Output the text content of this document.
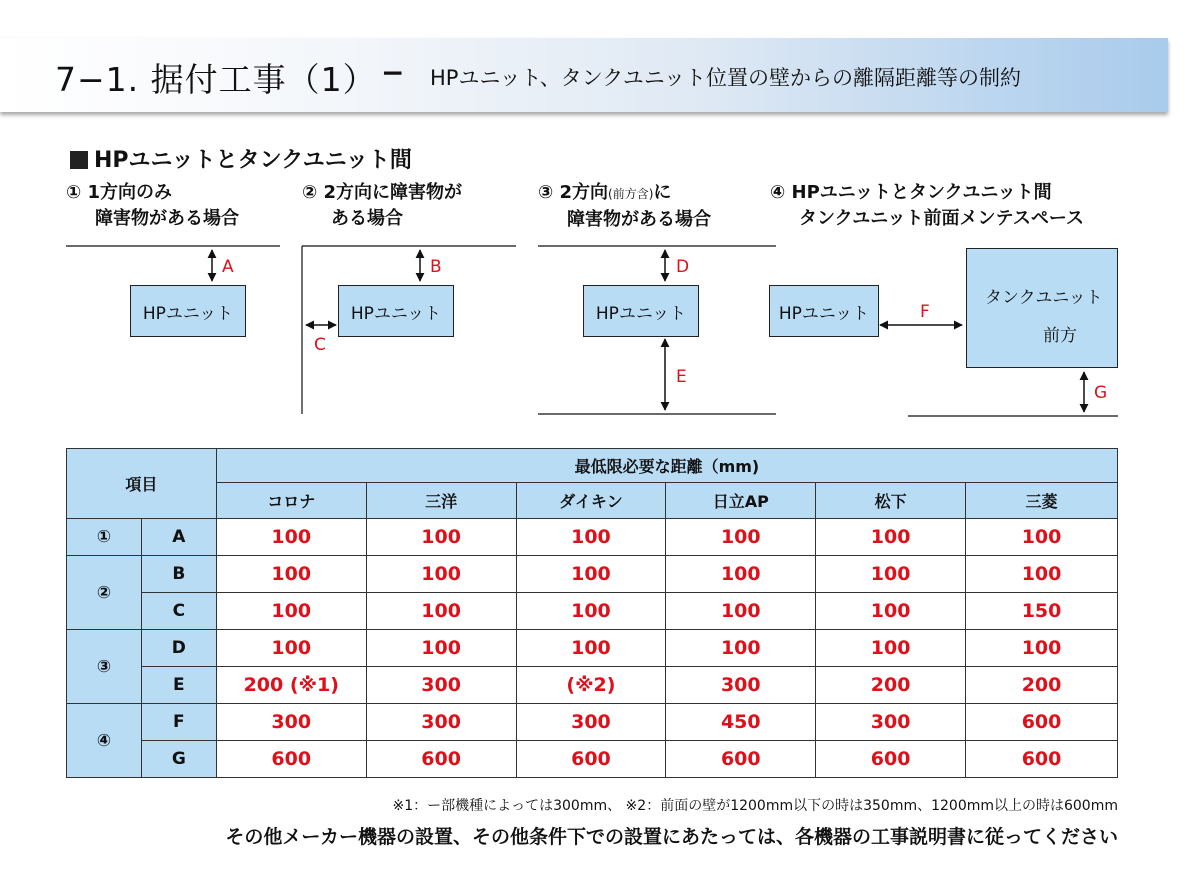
7−1. 据付工事（1） − HPユニット、タンクユニット位置の壁からの離隔距離等の制約
HPユニットとタンクユニット間
① 1方向のみ
障害物がある場合
② 2方向に障害物が
ある場合
③ 2方向(前方含)に
障害物がある場合
④ HPユニットとタンクユニット間
タンクユニット前面メンテスペース
HPユニット	HPユニット	HPユニット	HPユニット
タンクユニット
前方
A	B
C
D
E
F
G
項目		最低限必要な距離（mm)					
		コロナ	三洋	ダイキン	日立AP	松下	三菱
①	A	100	100	100	100	100	100
②	B	100	100	100	100	100	100
	C	100	100	100	100	100	150
③	D	100	100	100	100	100	100
	E	200 (※1)	300	(※2)	300	200	200
④	F	300	300	300	450	300	600
	G	600	600	600	600	600	600
※1：ー部機種によっては300mm、 ※2：前面の壁が1200mm以下の時は350mm、1200mm以上の時は600mm
その他メーカー機器の設置、その他条件下での設置にあたっては、各機器の工事説明書に従ってください
